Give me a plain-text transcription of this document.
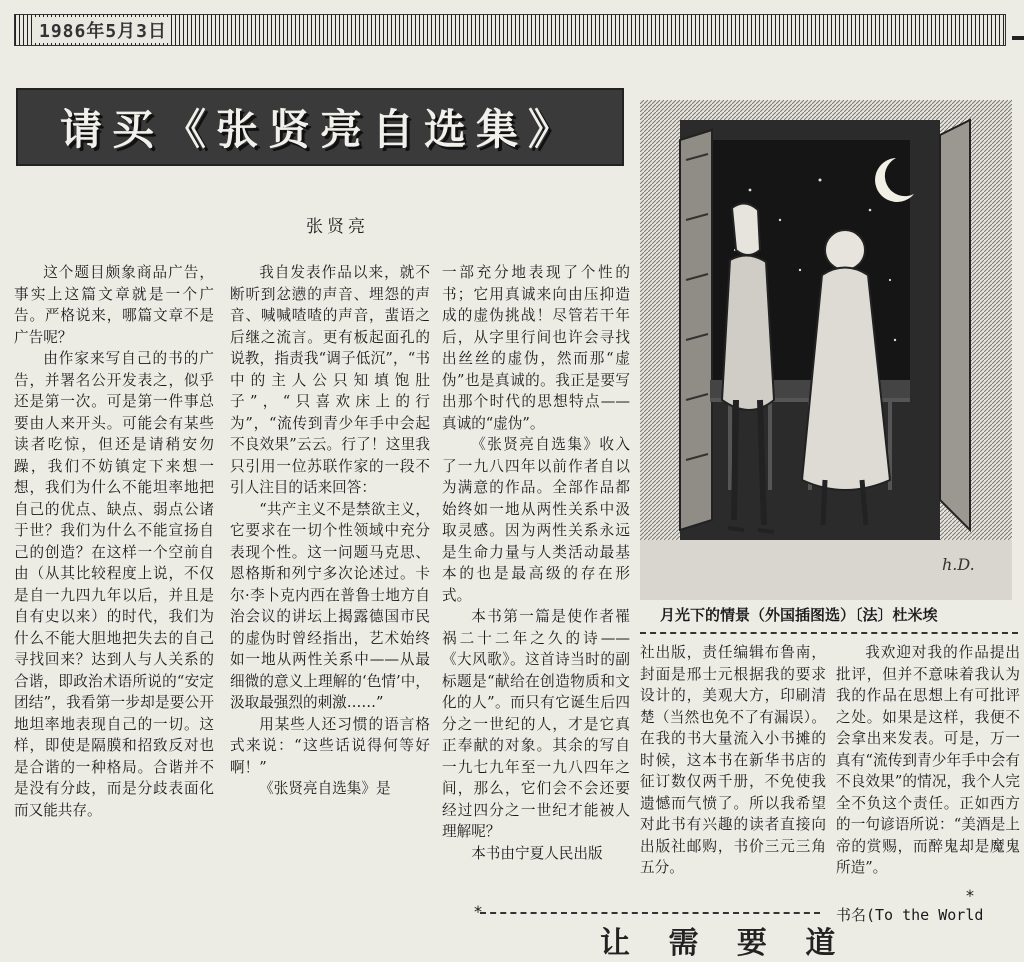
1986年5月3日
请买《张贤亮自选集》
张贤亮

这个题目颇象商品广告，事实上这篇文章就是一个广告。严格说来，哪篇文章不是广告呢？

由作家来写自己的书的广告，并署名公开发表之，似乎还是第一次。可是第一件事总要由人来开头。可能会有某些读者吃惊，但还是请稍安勿躁，我们不妨镇定下来想一想，我们为什么不能坦率地把自己的优点、缺点、弱点公诸于世？我们为什么不能宣扬自己的创造？在这样一个空前自由（从其比较程度上说，不仅是自一九四九年以后，并且是自有史以来）的时代，我们为什么不能大胆地把失去的自己寻找回来？达到人与人关系的合谐，即政治术语所说的“安定团结”，我看第一步却是要公开地坦率地表现自己的一切。这样，即使是隔膜和招致反对也是合谐的一种格局。合谐并不是没有分歧，而是分歧表面化而又能共存。

我自发表作品以来，就不断听到忿懑的声音、埋怨的声音、喊喊喳喳的声音，蜚语之后继之流言。更有板起面孔的说教，指责我“调子低沉”，“书中的主人公只知填饱肚子”，“只喜欢床上的行为”，“流传到青少年手中会起不良效果”云云。行了！这里我只引用一位苏联作家的一段不引人注目的话来回答：

“共产主义不是禁欲主义，它要求在一切个性领域中充分表现个性。这一问题马克思、恩格斯和列宁多次论述过。卡尔·李卜克内西在普鲁士地方自治会议的讲坛上揭露德国市民的虚伪时曾经指出，艺术始终如一地从两性关系中——从最细微的意义上理解的‘色情’中，汲取最强烈的刺激……”

用某些人还习惯的语言格式来说：“这些话说得何等好啊！”

《张贤亮自选集》是

一部充分地表现了个性的书；它用真诚来向由压抑造成的虚伪挑战！尽管若干年后，从字里行间也许会寻找出丝丝的虚伪，然而那“虚伪”也是真诚的。我正是要写出那个时代的思想特点——真诚的“虚伪”。

《张贤亮自选集》收入了一九八四年以前作者自以为满意的作品。全部作品都始终如一地从两性关系中汲取灵感。因为两性关系永远是生命力量与人类活动最基本的也是最高级的存在形式。

本书第一篇是使作者罹祸二十二年之久的诗——《大风歌》。这首诗当时的副标题是“献给在创造物质和文化的人”。而只有它诞生后四分之一世纪的人，才是它真正奉献的对象。其余的写自一九七九年至一九八四年之间，那么，它们会不会还要经过四分之一世纪才能被人理解呢？

本书由宁夏人民出版

h.D.
月光下的情景（外国插图选）〔法〕杜米埃

社出版，责任编辑布鲁南，封面是邢士元根据我的要求设计的，美观大方，印刷清楚（当然也免不了有漏误）。在我的书大量流入小书摊的时候，这本书在新华书店的征订数仅两千册，不免使我遗憾而气愤了。所以我希望对此书有兴趣的读者直接向出版社邮购，书价三元三角五分。

我欢迎对我的作品提出批评，但并不意味着我认为我的作品在思想上有可批评之处。如果是这样，我便不会拿出来发表。可是，万一真有“流传到青少年手中会有不良效果”的情况，我个人完全不负这个责任。正如西方的一句谚语所说：“美酒是上帝的赏赐，而醉鬼却是魔鬼所造”。

*
*
书名(To the World
让 需 要 道
